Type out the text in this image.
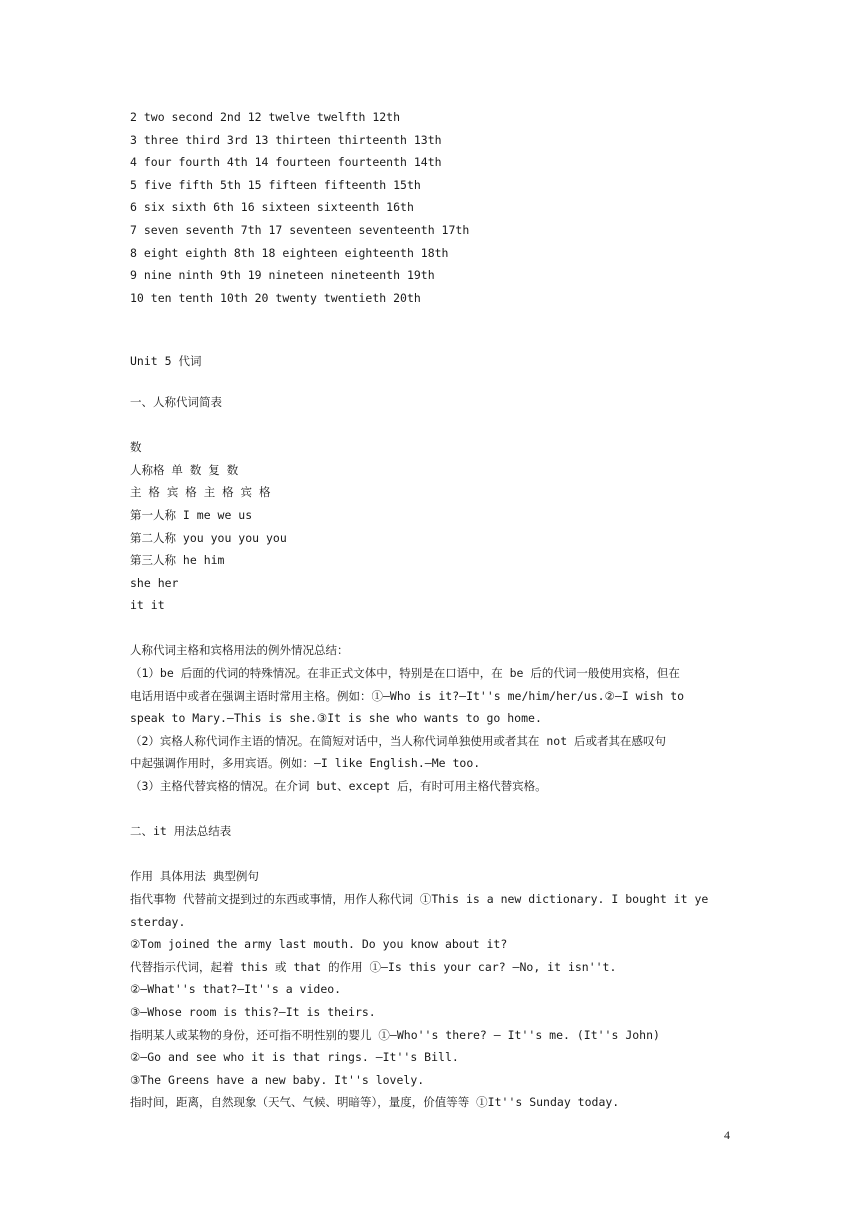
2 two second 2nd 12 twelve twelfth 12th
3 three third 3rd 13 thirteen thirteenth 13th
4 four fourth 4th 14 fourteen fourteenth 14th
5 five fifth 5th 15 fifteen fifteenth 15th
6 six sixth 6th 16 sixteen sixteenth 16th
7 seven seventh 7th 17 seventeen seventeenth 17th
8 eight eighth 8th 18 eighteen eighteenth 18th
9 nine ninth 9th 19 nineteen nineteenth 19th
10 ten tenth 10th 20 twenty twentieth 20th
Unit 5 代词
一、人称代词简表
数
人称格 单 数 复 数
主 格 宾 格 主 格 宾 格
第一人称 I me we us
第二人称 you you you you
第三人称 he him
she her
it it
人称代词主格和宾格用法的例外情况总结：
（1）be 后面的代词的特殊情况。在非正式文体中，特别是在口语中，在 be 后的代词一般使用宾格，但在
电话用语中或者在强调主语时常用主格。例如：①—Who is it?—It''s me/him/her/us.②—I wish to
speak to Mary.—This is she.③It is she who wants to go home.
（2）宾格人称代词作主语的情况。在简短对话中，当人称代词单独使用或者其在 not 后或者其在感叹句
中起强调作用时，多用宾语。例如：—I like English.—Me too.
（3）主格代替宾格的情况。在介词 but、except 后，有时可用主格代替宾格。
二、it 用法总结表
作用 具体用法 典型例句
指代事物 代替前文提到过的东西或事情，用作人称代词 ①This is a new dictionary. I bought it ye
sterday.
②Tom joined the army last mouth. Do you know about it?
代替指示代词，起着 this 或 that 的作用 ①—Is this your car? —No, it isn''t.
②—What''s that?—It''s a video.
③—Whose room is this?—It is theirs.
指明某人或某物的身份，还可指不明性别的婴儿 ①—Who''s there? — It''s me. (It''s John)
②—Go and see who it is that rings. —It''s Bill.
③The Greens have a new baby. It''s lovely.
指时间，距离，自然现象（天气、气候、明暗等），量度，价值等等 ①It''s Sunday today.
4
